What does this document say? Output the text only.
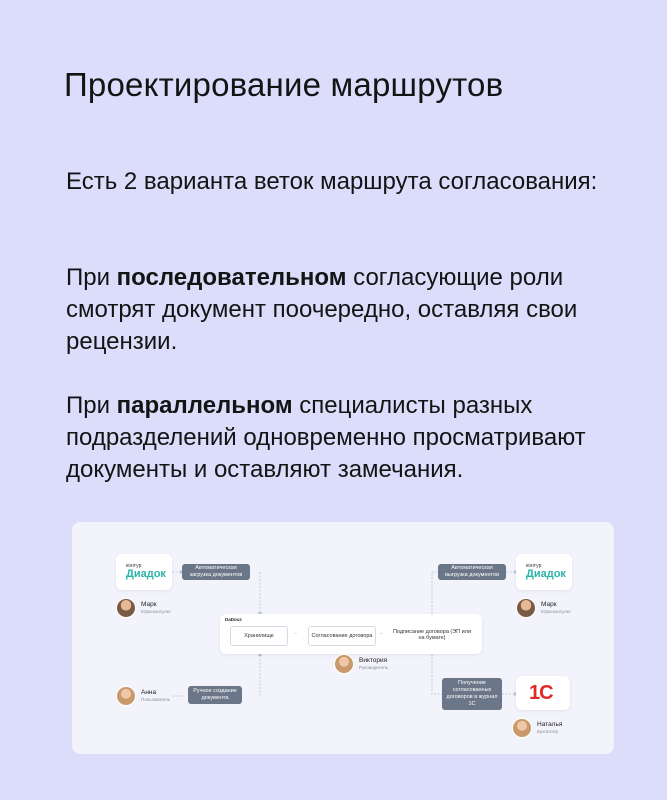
Проектирование маршрутов

Есть 2 варианта веток маршрута согласования:

При последовательном согласующие роли смотрят документ поочередно, оставляя свои рецензии.

При параллельном специалисты разных подразделений одновременно просматривают документы и оставляют замечания.

контур
Диадок	Автоматическая загрузка документов
Марк
Юрисконсульт
контур
Диадок
Автоматическая выгрузка документов
Марк
Юрисконсульт
DаDоcs
Хранилище	→	Согласование договора →	Подписание договора (ЭП или на бумаге)
Виктория
Руководитель
Анна
Пользователь
Ручное создание документа
Получение согласованных договоров в журнал 1С	1С
Наталья
Бухгалтер
